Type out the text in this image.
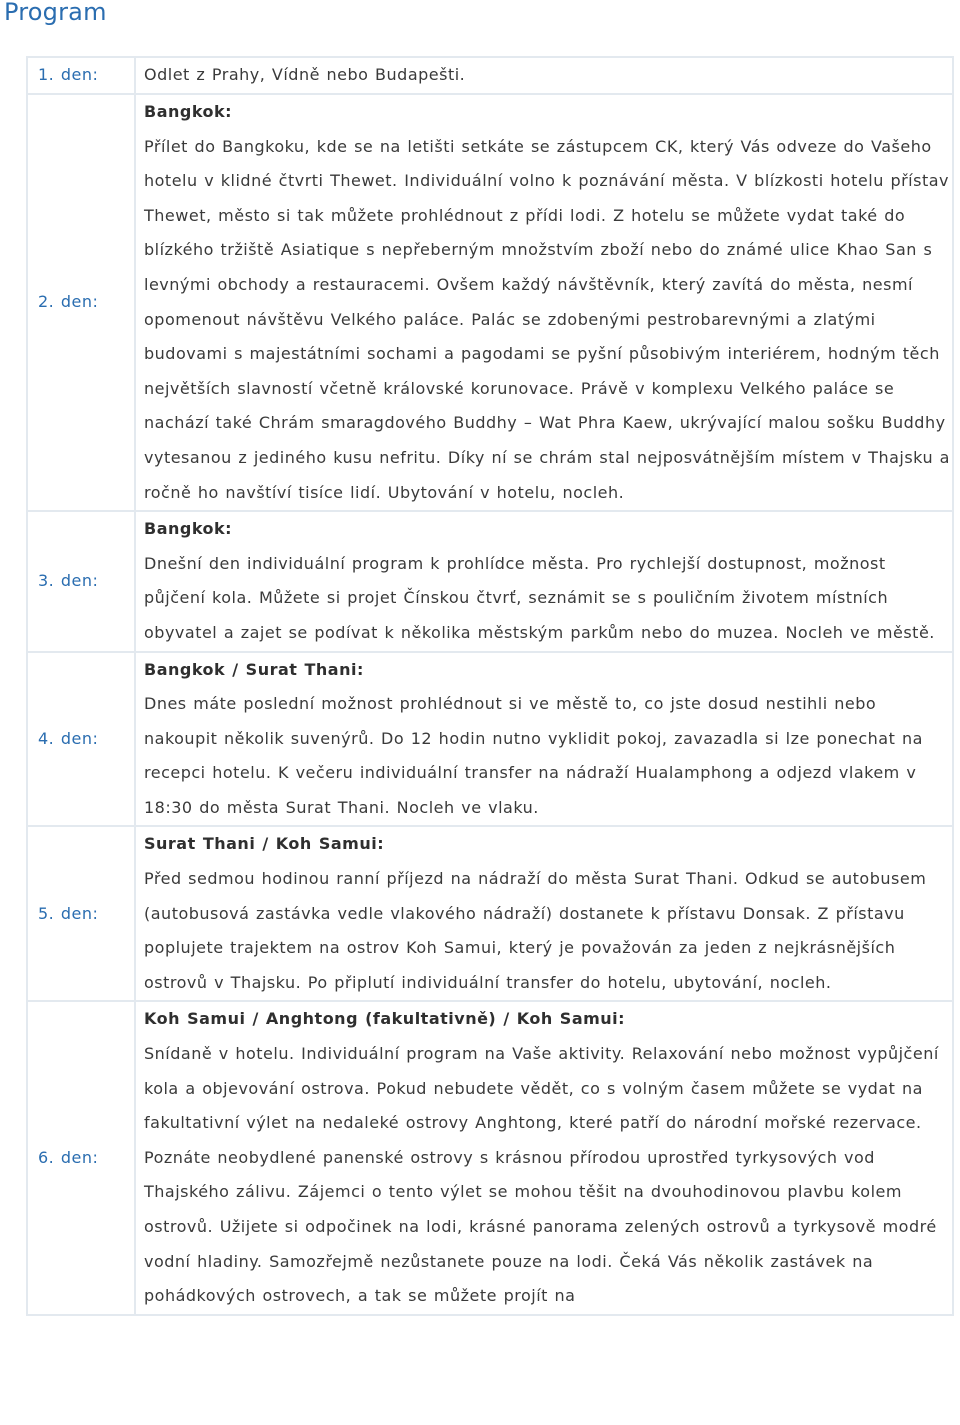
Program
1. den:	Odlet z Prahy, Vídně nebo Budapešti.

2. den:	Bangkok:
Přílet do Bangkoku, kde se na letišti setkáte se zástupcem CK, který Vás odveze do Vašeho hotelu v klidné čtvrti Thewet. Individuální volno k poznávání města. V blízkosti hotelu přístav Thewet, město si tak můžete prohlédnout z přídi lodi. Z hotelu se můžete vydat také do blízkého tržiště Asiatique s nepřeberným množstvím zboží nebo do známé ulice Khao San s levnými obchody a restauracemi. Ovšem každý návštěvník, který zavítá do města, nesmí opomenout návštěvu Velkého paláce. Palác se zdobenými pestrobarevnými a zlatými budovami s majestátními sochami a pagodami se pyšní působivým interiérem, hodným těch největších slavností včetně královské korunovace. Právě v komplexu Velkého paláce se nachází také Chrám smaragdového Buddhy – Wat Phra Kaew, ukrývající malou sošku Buddhy vytesanou z jediného kusu nefritu. Díky ní se chrám stal nejposvátnějším místem v Thajsku a ročně ho navštíví tisíce lidí. Ubytování v hotelu, nocleh.

3. den:	Bangkok:
Dnešní den individuální program k prohlídce města. Pro rychlejší dostupnost, možnost půjčení kola. Můžete si projet Čínskou čtvrť, seznámit se s pouličním životem místních obyvatel a zajet se podívat k několika městským parkům nebo do muzea. Nocleh ve městě.

4. den:	Bangkok / Surat Thani:
Dnes máte poslední možnost prohlédnout si ve městě to, co jste dosud nestihli nebo nakoupit několik suvenýrů. Do 12 hodin nutno vyklidit pokoj, zavazadla si lze ponechat na recepci hotelu. K večeru individuální transfer na nádraží Hualamphong a odjezd vlakem v 18:30 do města Surat Thani. Nocleh ve vlaku.

5. den:	Surat Thani / Koh Samui:
Před sedmou hodinou ranní příjezd na nádraží do města Surat Thani. Odkud se autobusem (autobusová zastávka vedle vlakového nádraží) dostanete k přístavu Donsak. Z přístavu poplujete trajektem na ostrov Koh Samui, který je považován za jeden z nejkrásnějších ostrovů v Thajsku. Po připlutí individuální transfer do hotelu, ubytování, nocleh.

6. den:	Koh Samui / Anghtong (fakultativně) / Koh Samui:
Snídaně v hotelu. Individuální program na Vaše aktivity. Relaxování nebo možnost vypůjčení kola a objevování ostrova. Pokud nebudete vědět, co s volným časem můžete se vydat na fakultativní výlet na nedaleké ostrovy Anghtong, které patří do národní mořské rezervace. Poznáte neobydlené panenské ostrovy s krásnou přírodou uprostřed tyrkysových vod Thajského zálivu. Zájemci o tento výlet se mohou těšit na dvouhodinovou plavbu kolem ostrovů. Užijete si odpočinek na lodi, krásné panorama zelených ostrovů a tyrkysově modré vodní hladiny. Samozřejmě nezůstanete pouze na lodi. Čeká Vás několik zastávek na pohádkových ostrovech, a tak se můžete projít na
